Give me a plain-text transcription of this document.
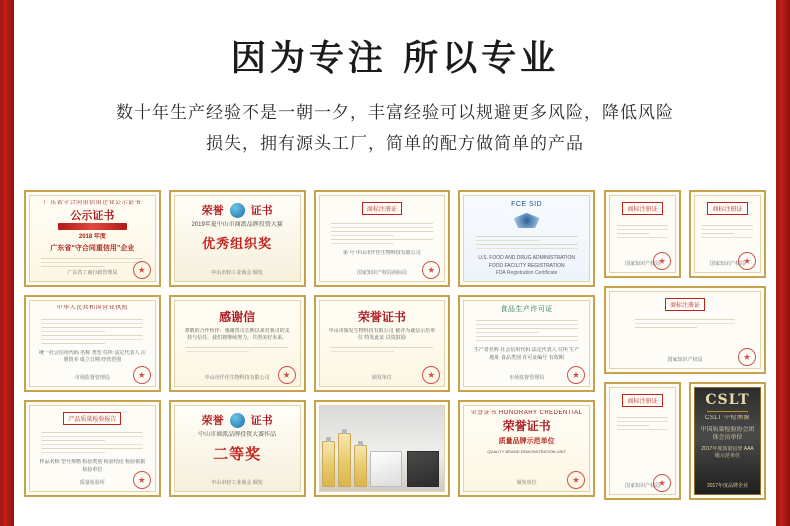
因为专注 所以专业
数十年生产经验不是一朝一夕，丰富经验可以规避更多风险，降低风险
损失，拥有源头工厂，简单的配方做简单的产品
广东省守合同重信用企业公示证书
公示证书
2018 年度
广东省“守合同重信用”企业
广东省工商行政管理局
荣誉 证书
2019年夏中山市商派品牌投资大赛
优秀组织奖
中山市轻工业商会 颁发
商标注册证
第 号 中山市仟佳生物科技有限公司
国家知识产权局商标局
FCE SID
U.S. FOOD AND DRUG ADMINISTRATION FOOD FACILITY REGISTRATION
FDA Registration Certificate
中华人民共和国营业执照
统一社会信用代码 名称 类型 住所 法定代表人 注册资本 成立日期 经营范围
市场监督管理局
感谢信
尊敬的合作伙伴：感谢贵司长期以来对我司的支持与信任，我们将继续努力，共创美好未来。
中山市仟佳生物科技有限公司
荣誉证书
中山市颁发生物科技有限公司 被评为诚信示范单位 特发此证 以资鼓励
颁发单位
食品生产许可证
生产者名称 社会信用代码 法定代表人 住所 生产地址 食品类别 许可证编号 有效期
市场监督管理局
产品质量检验报告
样品名称 型号规格 检验类别 检验结论 检验依据 检验单位
质量检验所
荣誉 证书
中山市商派品牌投资大赛作品
二等奖
中山市轻工业商会 颁发
荣誉证书 HONORARY CREDENTIAL
荣誉证书
质量品牌示范单位
QUALITY BRAND DEMONSTRATION UNIT
颁发单位
商标注册证
国家知识产权局
商标注册证
国家知识产权局
商标注册证
国家知识产权局
商标注册证
国家知识产权局
CSLT
CSLT 中检溯源
中国质量检验协会团体会员单位
2017年度质量信誉 AAA 级示范单位
2017年度品牌企业
